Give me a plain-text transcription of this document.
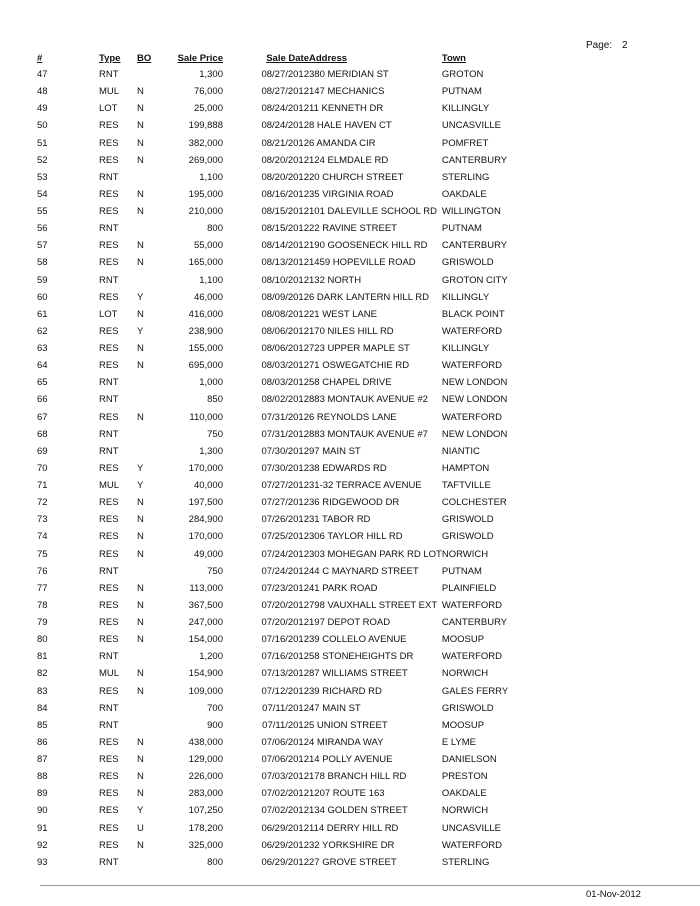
Page: 2
#	Type	BO	Sale Price	Sale Date	Address	Town
47	RNT		1,300	08/27/2012	380 MERIDIAN ST	GROTON
48	MUL	N	76,000	08/27/2012	147 MECHANICS	PUTNAM
49	LOT	N	25,000	08/24/2012	11 KENNETH DR	KILLINGLY
50	RES	N	199,888	08/24/2012	8 HALE HAVEN CT	UNCASVILLE
51	RES	N	382,000	08/21/2012	6 AMANDA CIR	POMFRET
52	RES	N	269,000	08/20/2012	124 ELMDALE RD	CANTERBURY
53	RNT		1,100	08/20/2012	20 CHURCH STREET	STERLING
54	RES	N	195,000	08/16/2012	35 VIRGINIA ROAD	OAKDALE
55	RES	N	210,000	08/15/2012	101 DALEVILLE SCHOOL RD	WILLINGTON
56	RNT		800	08/15/2012	22 RAVINE STREET	PUTNAM
57	RES	N	55,000	08/14/2012	190 GOOSENECK HILL RD	CANTERBURY
58	RES	N	165,000	08/13/2012	1459 HOPEVILLE ROAD	GRISWOLD
59	RNT		1,100	08/10/2012	132 NORTH	GROTON CITY
60	RES	Y	46,000	08/09/2012	6 DARK LANTERN HILL RD	KILLINGLY
61	LOT	N	416,000	08/08/2012	21 WEST LANE	BLACK POINT
62	RES	Y	238,900	08/06/2012	170 NILES HILL RD	WATERFORD
63	RES	N	155,000	08/06/2012	723 UPPER MAPLE ST	KILLINGLY
64	RES	N	695,000	08/03/2012	71 OSWEGATCHIE RD	WATERFORD
65	RNT		1,000	08/03/2012	58 CHAPEL DRIVE	NEW LONDON
66	RNT		850	08/02/2012	883 MONTAUK AVENUE #2	NEW LONDON
67	RES	N	110,000	07/31/2012	6 REYNOLDS LANE	WATERFORD
68	RNT		750	07/31/2012	883 MONTAUK AVENUE #7	NEW LONDON
69	RNT		1,300	07/30/2012	97 MAIN ST	NIANTIC
70	RES	Y	170,000	07/30/2012	38 EDWARDS RD	HAMPTON
71	MUL	Y	40,000	07/27/2012	31-32 TERRACE AVENUE	TAFTVILLE
72	RES	N	197,500	07/27/2012	36 RIDGEWOOD DR	COLCHESTER
73	RES	N	284,900	07/26/2012	31 TABOR RD	GRISWOLD
74	RES	N	170,000	07/25/2012	306 TAYLOR HILL RD	GRISWOLD
75	RES	N	49,000	07/24/2012	303 MOHEGAN PARK RD LOT	NORWICH
76	RNT		750	07/24/2012	44 C MAYNARD STREET	PUTNAM
77	RES	N	113,000	07/23/2012	41 PARK ROAD	PLAINFIELD
78	RES	N	367,500	07/20/2012	798 VAUXHALL STREET EXT	WATERFORD
79	RES	N	247,000	07/20/2012	197 DEPOT ROAD	CANTERBURY
80	RES	N	154,000	07/16/2012	39 COLLELO AVENUE	MOOSUP
81	RNT		1,200	07/16/2012	58 STONEHEIGHTS DR	WATERFORD
82	MUL	N	154,900	07/13/2012	87 WILLIAMS STREET	NORWICH
83	RES	N	109,000	07/12/2012	39 RICHARD RD	GALES FERRY
84	RNT		700	07/11/2012	47 MAIN ST	GRISWOLD
85	RNT		900	07/11/2012	5 UNION STREET	MOOSUP
86	RES	N	438,000	07/06/2012	4 MIRANDA WAY	E LYME
87	RES	N	129,000	07/06/2012	14 POLLY AVENUE	DANIELSON
88	RES	N	226,000	07/03/2012	178 BRANCH HILL RD	PRESTON
89	RES	N	283,000	07/02/2012	1207 ROUTE 163	OAKDALE
90	RES	Y	107,250	07/02/2012	134 GOLDEN STREET	NORWICH
91	RES	U	178,200	06/29/2012	114 DERRY HILL RD	UNCASVILLE
92	RES	N	325,000	06/29/2012	32 YORKSHIRE DR	WATERFORD
93	RNT		800	06/29/2012	27 GROVE STREET	STERLING
01-Nov-2012
